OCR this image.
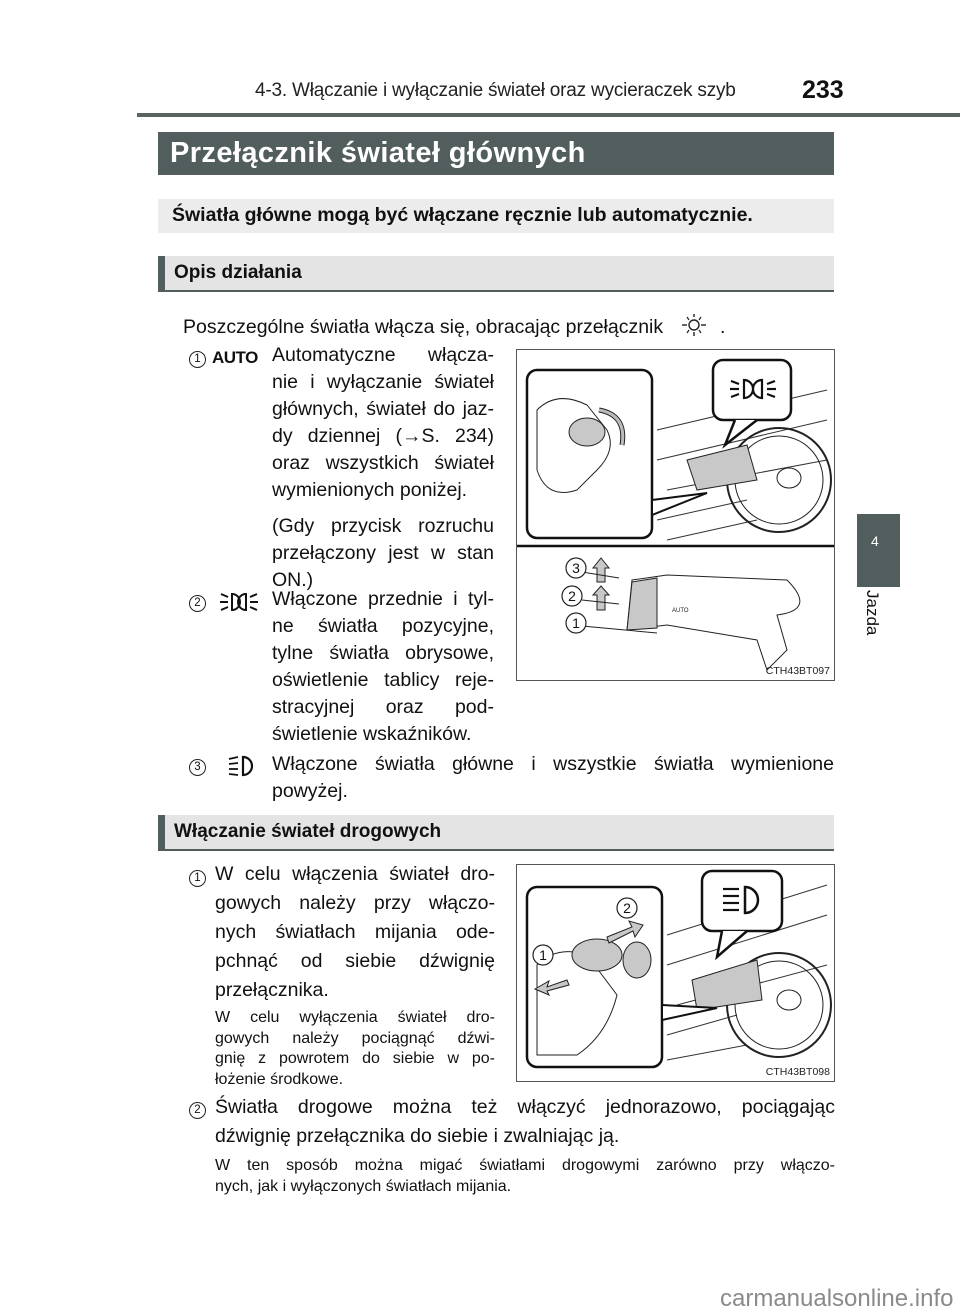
4-3. Włączanie i wyłączanie świateł oraz wycieraczek szyb	233
Przełącznik świateł głównych
Światła główne mogą być włączane ręcznie lub automatycznie.
Opis działania
Poszczególne światła włącza się, obracając przełącznik	.
1 AUTO Automatyczne włącza-
nie i wyłączanie świateł
głównych, świateł do jaz-
dy dziennej (→S. 234)
oraz wszystkich świateł
wymienionych poniżej.
(Gdy przycisk rozruchu
przełączony jest w stan
ON.)
2	Włączone przednie i tyl-
ne światła pozycyjne,
tylne światła obrysowe,
oświetlenie tablicy reje-
stracyjnej oraz pod-
świetlenie wskaźników.
AUTO
3
2
1
CTH43BT097
3	Włączone światła główne i wszystkie światła wymienione
powyżej.
Włączanie świateł drogowych
1 W celu włączenia świateł dro-
gowych należy przy włączo-
nych światłach mijania ode-
pchnąć od siebie dźwignię
przełącznika.
W celu wyłączenia świateł dro-
gowych należy pociągnąć dźwi-
gnię z powrotem do siebie w po-
łożenie środkowe.
2
1
CTH43BT098
2 Światła drogowe można też włączyć jednorazowo, pociągając
dźwignię przełącznika do siebie i zwalniając ją.
W ten sposób można migać światłami drogowymi zarówno przy włączo-
nych, jak i wyłączonych światłach mijania.
4
Jazda
carmanualsonline.info
